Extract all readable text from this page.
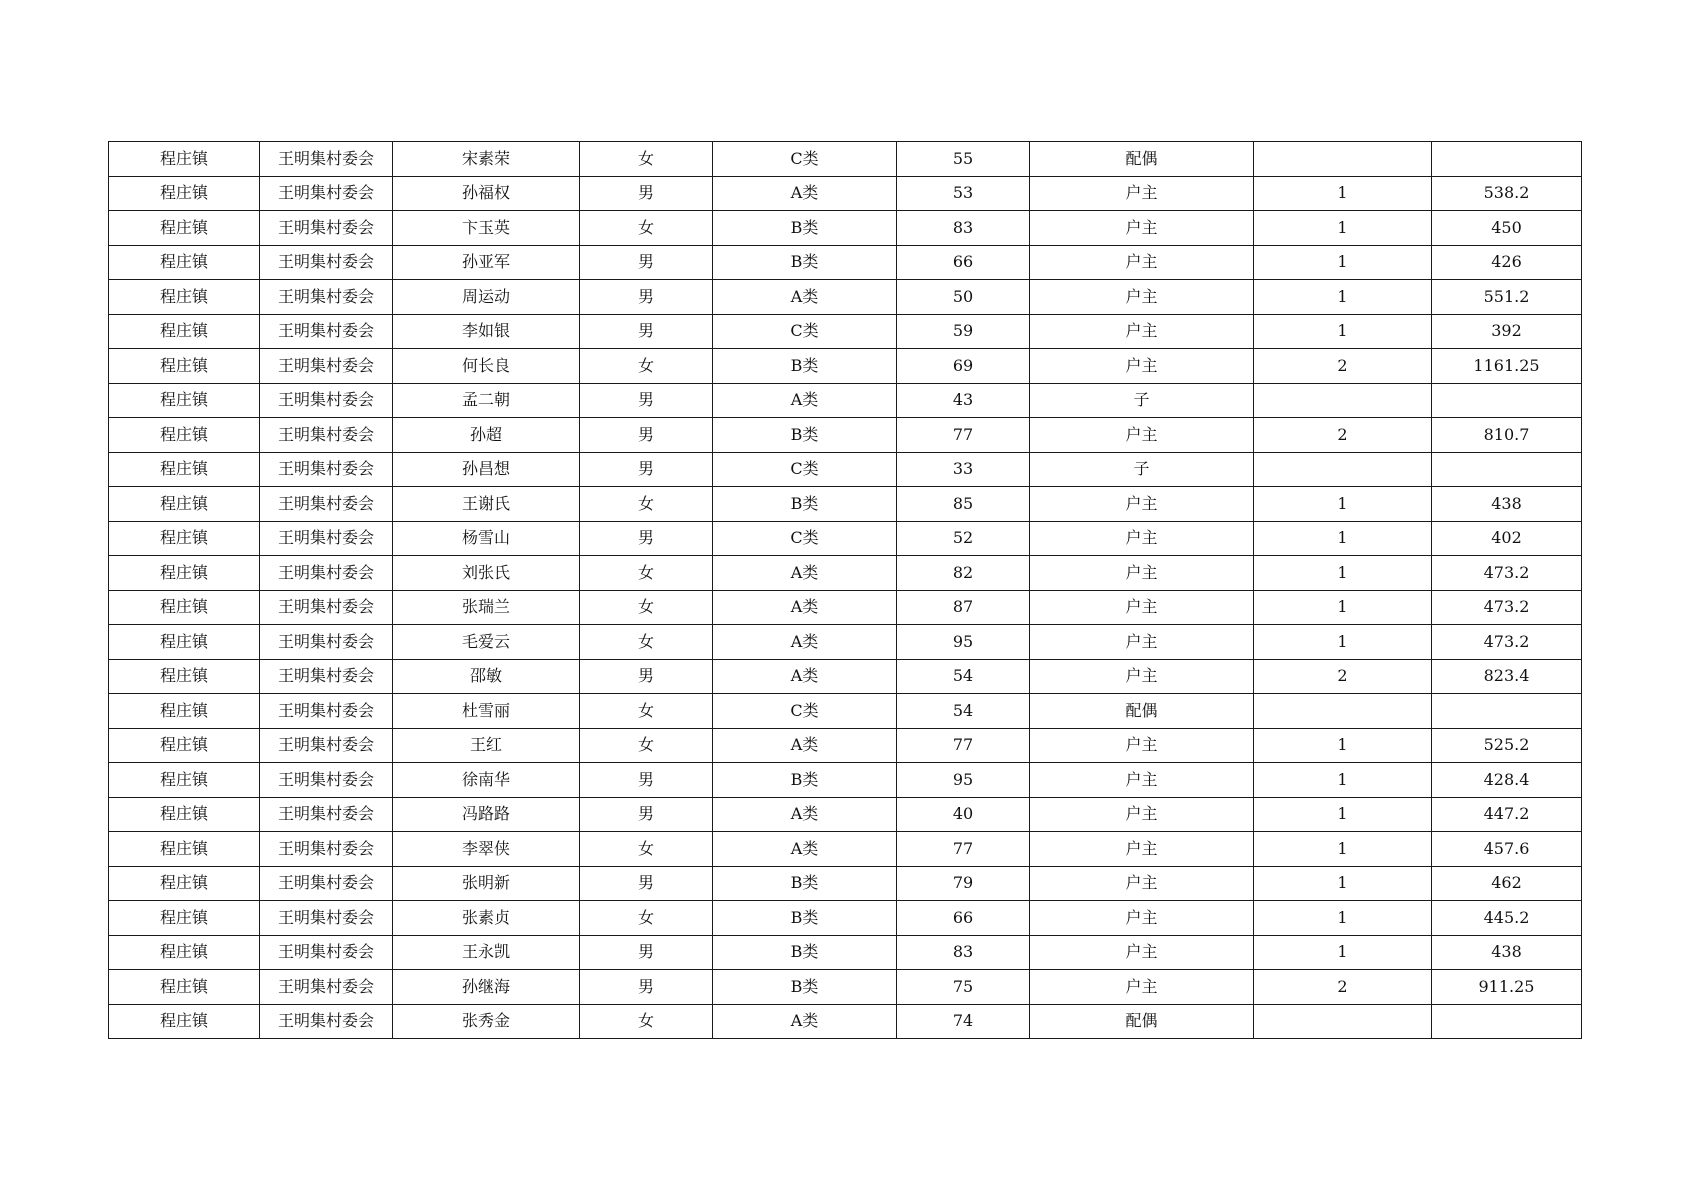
程庄镇	王明集村委会	宋素荣	女	C类	55	配偶		
程庄镇	王明集村委会	孙福权	男	A类	53	户主	1	538.2
程庄镇	王明集村委会	卞玉英	女	B类	83	户主	1	450
程庄镇	王明集村委会	孙亚军	男	B类	66	户主	1	426
程庄镇	王明集村委会	周运动	男	A类	50	户主	1	551.2
程庄镇	王明集村委会	李如银	男	C类	59	户主	1	392
程庄镇	王明集村委会	何长良	女	B类	69	户主	2	1161.25
程庄镇	王明集村委会	孟二朝	男	A类	43	子		
程庄镇	王明集村委会	孙超	男	B类	77	户主	2	810.7
程庄镇	王明集村委会	孙昌想	男	C类	33	子		
程庄镇	王明集村委会	王谢氏	女	B类	85	户主	1	438
程庄镇	王明集村委会	杨雪山	男	C类	52	户主	1	402
程庄镇	王明集村委会	刘张氏	女	A类	82	户主	1	473.2
程庄镇	王明集村委会	张瑞兰	女	A类	87	户主	1	473.2
程庄镇	王明集村委会	毛爱云	女	A类	95	户主	1	473.2
程庄镇	王明集村委会	邵敏	男	A类	54	户主	2	823.4
程庄镇	王明集村委会	杜雪丽	女	C类	54	配偶		
程庄镇	王明集村委会	王红	女	A类	77	户主	1	525.2
程庄镇	王明集村委会	徐南华	男	B类	95	户主	1	428.4
程庄镇	王明集村委会	冯路路	男	A类	40	户主	1	447.2
程庄镇	王明集村委会	李翠侠	女	A类	77	户主	1	457.6
程庄镇	王明集村委会	张明新	男	B类	79	户主	1	462
程庄镇	王明集村委会	张素贞	女	B类	66	户主	1	445.2
程庄镇	王明集村委会	王永凯	男	B类	83	户主	1	438
程庄镇	王明集村委会	孙继海	男	B类	75	户主	2	911.25
程庄镇	王明集村委会	张秀金	女	A类	74	配偶		
